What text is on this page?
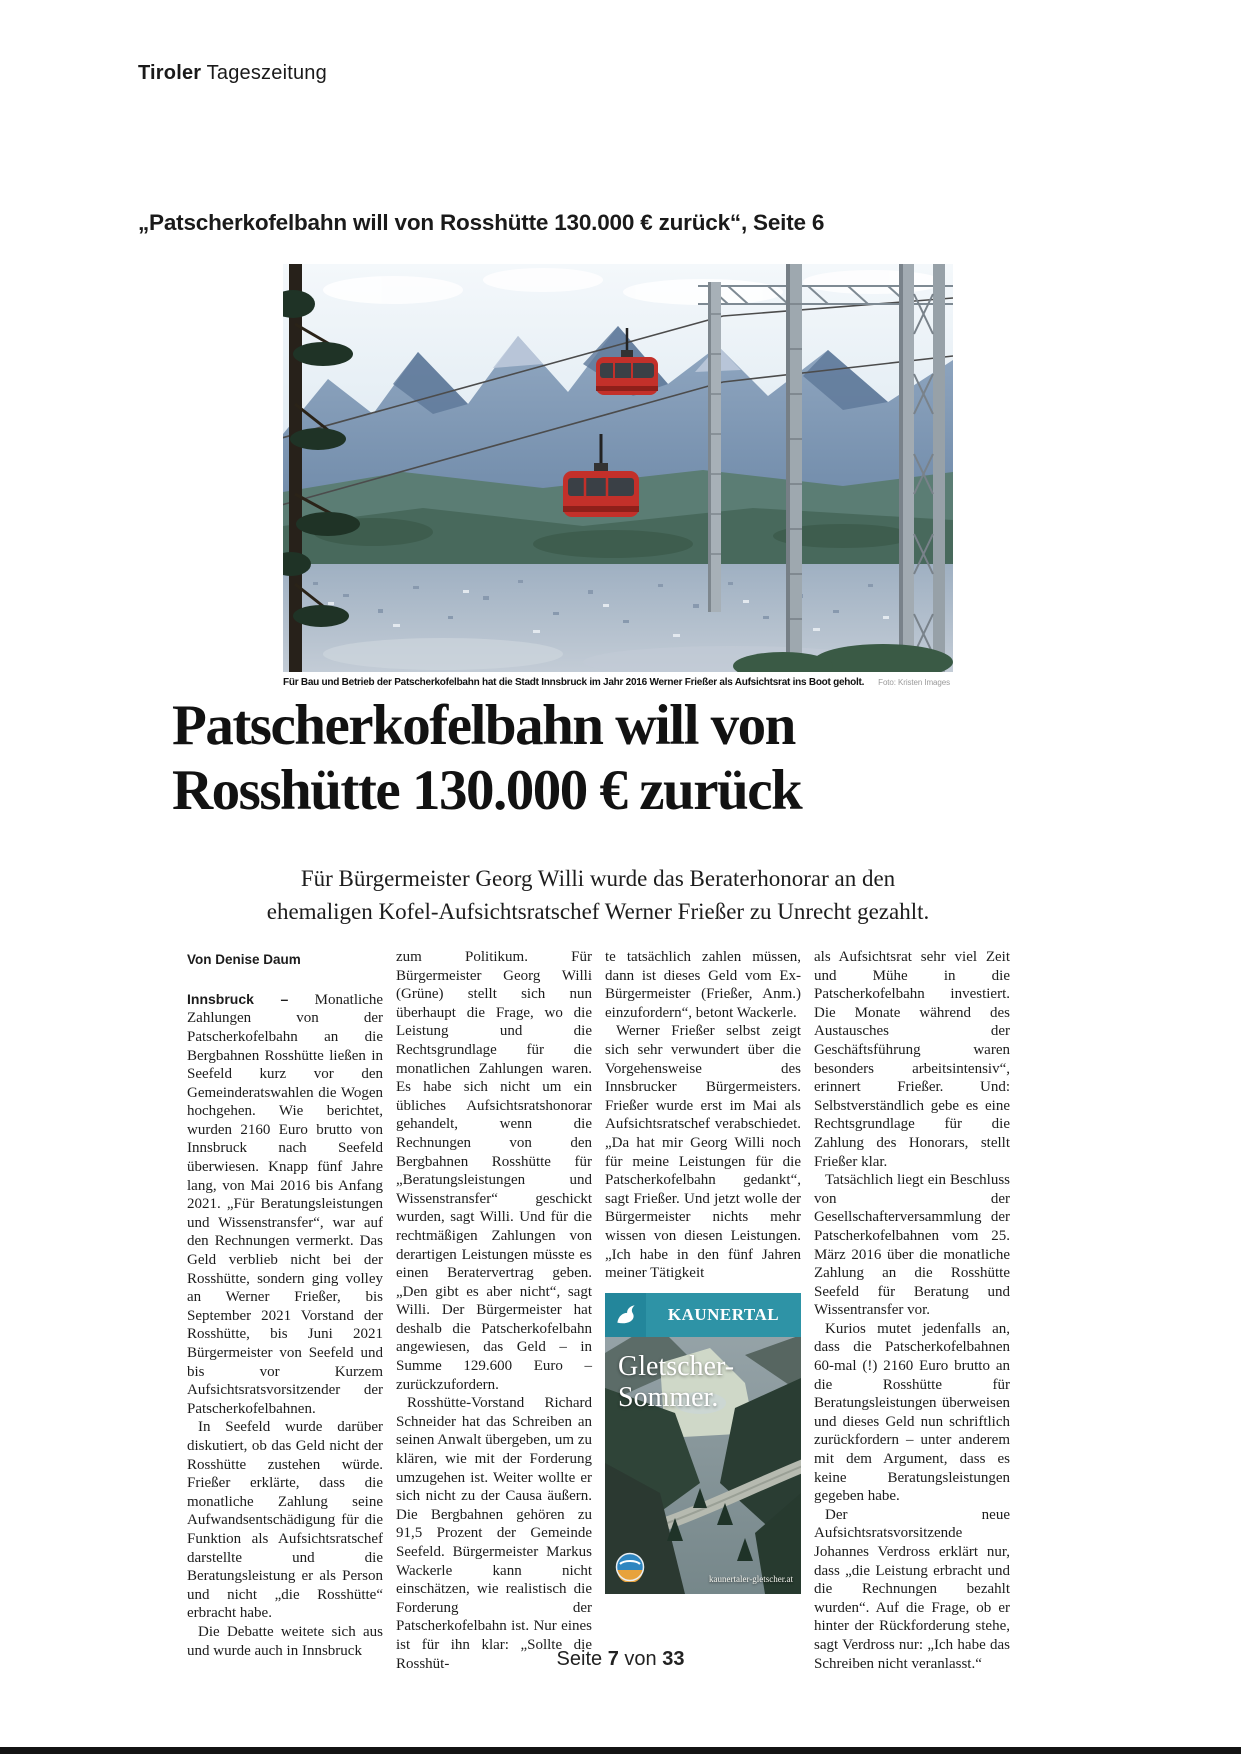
Tiroler Tageszeitung
„Patscherkofelbahn will von Rosshütte 130.000 € zurück“, Seite 6
Für Bau und Betrieb der Patscherkofelbahn hat die Stadt Innsbruck im Jahr 2016 Werner Frießer als Aufsichtsrat ins Boot geholt. Foto: Kristen Images
Patscherkofelbahn will von
Rosshütte 130.000 € zurück
Für Bürgermeister Georg Willi wurde das Beraterhonorar an den
ehemaligen Kofel-Aufsichtsratschef Werner Frießer zu Unrecht gezahlt.
Von Denise Daum

Innsbruck – Monatliche Zahlungen von der Patscherkofelbahn an die Bergbahnen Rosshütte ließen in Seefeld kurz vor den Gemeinderatswahlen die Wogen hochgehen. Wie berichtet, wurden 2160 Euro brutto von Innsbruck nach Seefeld überwiesen. Knapp fünf Jahre lang, von Mai 2016 bis Anfang 2021. „Für Beratungsleistungen und Wissenstransfer“, war auf den Rechnungen vermerkt. Das Geld verblieb nicht bei der Rosshütte, sondern ging volley an Werner Frießer, bis September 2021 Vorstand der Rosshütte, bis Juni 2021 Bürgermeister von Seefeld und bis vor Kurzem Aufsichtsratsvorsitzender der Patscherkofelbahnen.

In Seefeld wurde darüber diskutiert, ob das Geld nicht der Rosshütte zustehen würde. Frießer erklärte, dass die monatliche Zahlung seine Aufwandsentschädigung für die Funktion als Aufsichtsratschef darstellte und die Beratungsleistung er als Person und nicht „die Rosshütte“ erbracht habe.

Die Debatte weitete sich aus und wurde auch in Innsbruck

zum Politikum. Für Bürgermeister Georg Willi (Grüne) stellt sich nun überhaupt die Frage, wo die Leistung und die Rechtsgrundlage für die monatlichen Zahlungen waren. Es habe sich nicht um ein übliches Aufsichtsratshonorar gehandelt, wenn die Rechnungen von den Bergbahnen Rosshütte für „Beratungsleistungen und Wissenstransfer“ geschickt wurden, sagt Willi. Und für die rechtmäßigen Zahlungen von derartigen Leistungen müsste es einen Beratervertrag geben. „Den gibt es aber nicht“, sagt Willi. Der Bürgermeister hat deshalb die Patscherkofelbahn angewiesen, das Geld – in Summe 129.600 Euro – zurückzufordern.

Rosshütte-Vorstand Richard Schneider hat das Schreiben an seinen Anwalt übergeben, um zu klären, wie mit der Forderung umzugehen ist. Weiter wollte er sich nicht zu der Causa äußern. Die Bergbahnen gehören zu 91,5 Prozent der Gemeinde Seefeld. Bürgermeister Markus Wackerle kann nicht einschätzen, wie realistisch die Forderung der Patscherkofelbahn ist. Nur eines ist für ihn klar: „Sollte die Rosshüt-

te tatsächlich zahlen müssen, dann ist dieses Geld vom Ex-Bürgermeister (Frießer, Anm.) einzufordern“, betont Wackerle.

Werner Frießer selbst zeigt sich sehr verwundert über die Vorgehensweise des Innsbrucker Bürgermeisters. Frießer wurde erst im Mai als Aufsichtsratschef verabschiedet. „Da hat mir Georg Willi noch für meine Leistungen für die Patscherkofelbahn gedankt“, sagt Frießer. Und jetzt wolle der Bürgermeister nichts mehr wissen von diesen Leistungen. „Ich habe in den fünf Jahren meiner Tätigkeit

KAUNERTAL
Gletscher-
Sommer.
kaunertaler-gletscher.at

als Aufsichtsrat sehr viel Zeit und Mühe in die Patscherkofelbahn investiert. Die Monate während des Austausches der Geschäftsführung waren besonders arbeitsintensiv“, erinnert Frießer. Und: Selbstverständlich gebe es eine Rechtsgrundlage für die Zahlung des Honorars, stellt Frießer klar.

Tatsächlich liegt ein Beschluss von der Gesellschafterversammlung der Patscherkofelbahnen vom 25. März 2016 über die monatliche Zahlung an die Rosshütte Seefeld für Beratung und Wissentransfer vor.

Kurios mutet jedenfalls an, dass die Patscherkofelbahnen 60-mal (!) 2160 Euro brutto an die Rosshütte für Beratungsleistungen überweisen und dieses Geld nun schriftlich zurückfordern – unter anderem mit dem Argument, dass es keine Beratungsleistungen gegeben habe.

Der neue Aufsichtsratsvorsitzende Johannes Verdross erklärt nur, dass „die Leistung erbracht und die Rechnungen bezahlt wurden“. Auf die Frage, ob er hinter der Rückforderung stehe, sagt Verdross nur: „Ich habe das Schreiben nicht veranlasst.“

Seite 7 von 33
